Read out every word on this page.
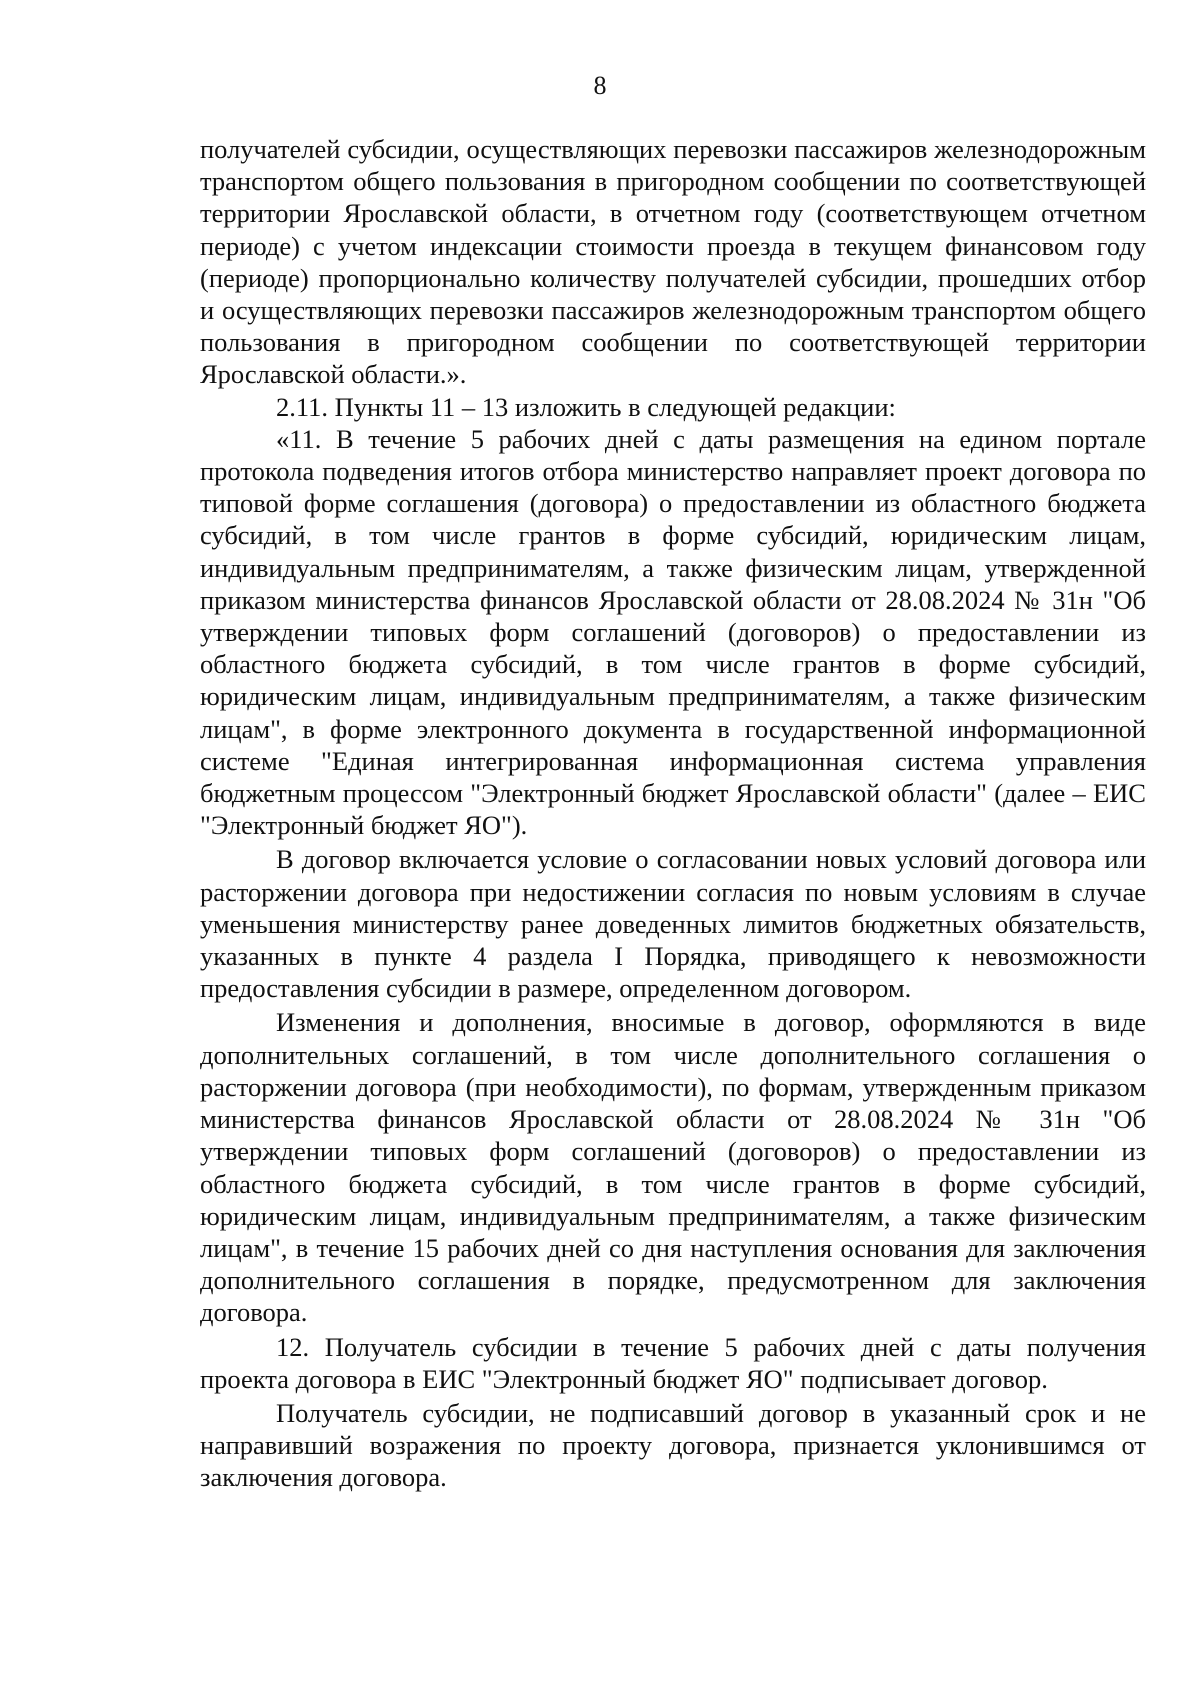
8

получателей субсидии, осуществляющих перевозки пассажиров железнодорожным транспортом общего пользования в пригородном сообщении по соответствующей территории Ярославской области, в отчетном году (соответствующем отчетном периоде) с учетом индексации стоимости проезда в текущем финансовом году (периоде) пропорционально количеству получателей субсидии, прошедших отбор и осуществляющих перевозки пассажиров железнодорожным транспортом общего пользования в пригородном сообщении по соответствующей территории Ярославской области.».

2.11. Пункты 11 – 13 изложить в следующей редакции:

«11. В течение 5 рабочих дней с даты размещения на едином портале протокола подведения итогов отбора министерство направляет проект договора по типовой форме соглашения (договора) о предоставлении из областного бюджета субсидий, в том числе грантов в форме субсидий, юридическим лицам, индивидуальным предпринимателям, а также физическим лицам, утвержденной приказом министерства финансов Ярославской области от 28.08.2024 № 31н "Об утверждении типовых форм соглашений (договоров) о предоставлении из областного бюджета субсидий, в том числе грантов в форме субсидий, юридическим лицам, индивидуальным предпринимателям, а также физическим лицам", в форме электронного документа в государственной информационной системе "Единая интегрированная информационная система управления бюджетным процессом "Электронный бюджет Ярославской области" (далее – ЕИС "Электронный бюджет ЯО").

В договор включается условие о согласовании новых условий договора или расторжении договора при недостижении согласия по новым условиям в случае уменьшения министерству ранее доведенных лимитов бюджетных обязательств, указанных в пункте 4 раздела I Порядка, приводящего к невозможности предоставления субсидии в размере, определенном договором.

Изменения и дополнения, вносимые в договор, оформляются в виде дополнительных соглашений, в том числе дополнительного соглашения о расторжении договора (при необходимости), по формам, утвержденным приказом министерства финансов Ярославской области от 28.08.2024 № 31н "Об утверждении типовых форм соглашений (договоров) о предоставлении из областного бюджета субсидий, в том числе грантов в форме субсидий, юридическим лицам, индивидуальным предпринимателям, а также физическим лицам", в течение 15 рабочих дней со дня наступления основания для заключения дополнительного соглашения в порядке, предусмотренном для заключения договора.

12. Получатель субсидии в течение 5 рабочих дней с даты получения проекта договора в ЕИС "Электронный бюджет ЯО" подписывает договор.

Получатель субсидии, не подписавший договор в указанный срок и не направивший возражения по проекту договора, признается уклонившимся от заключения договора.
